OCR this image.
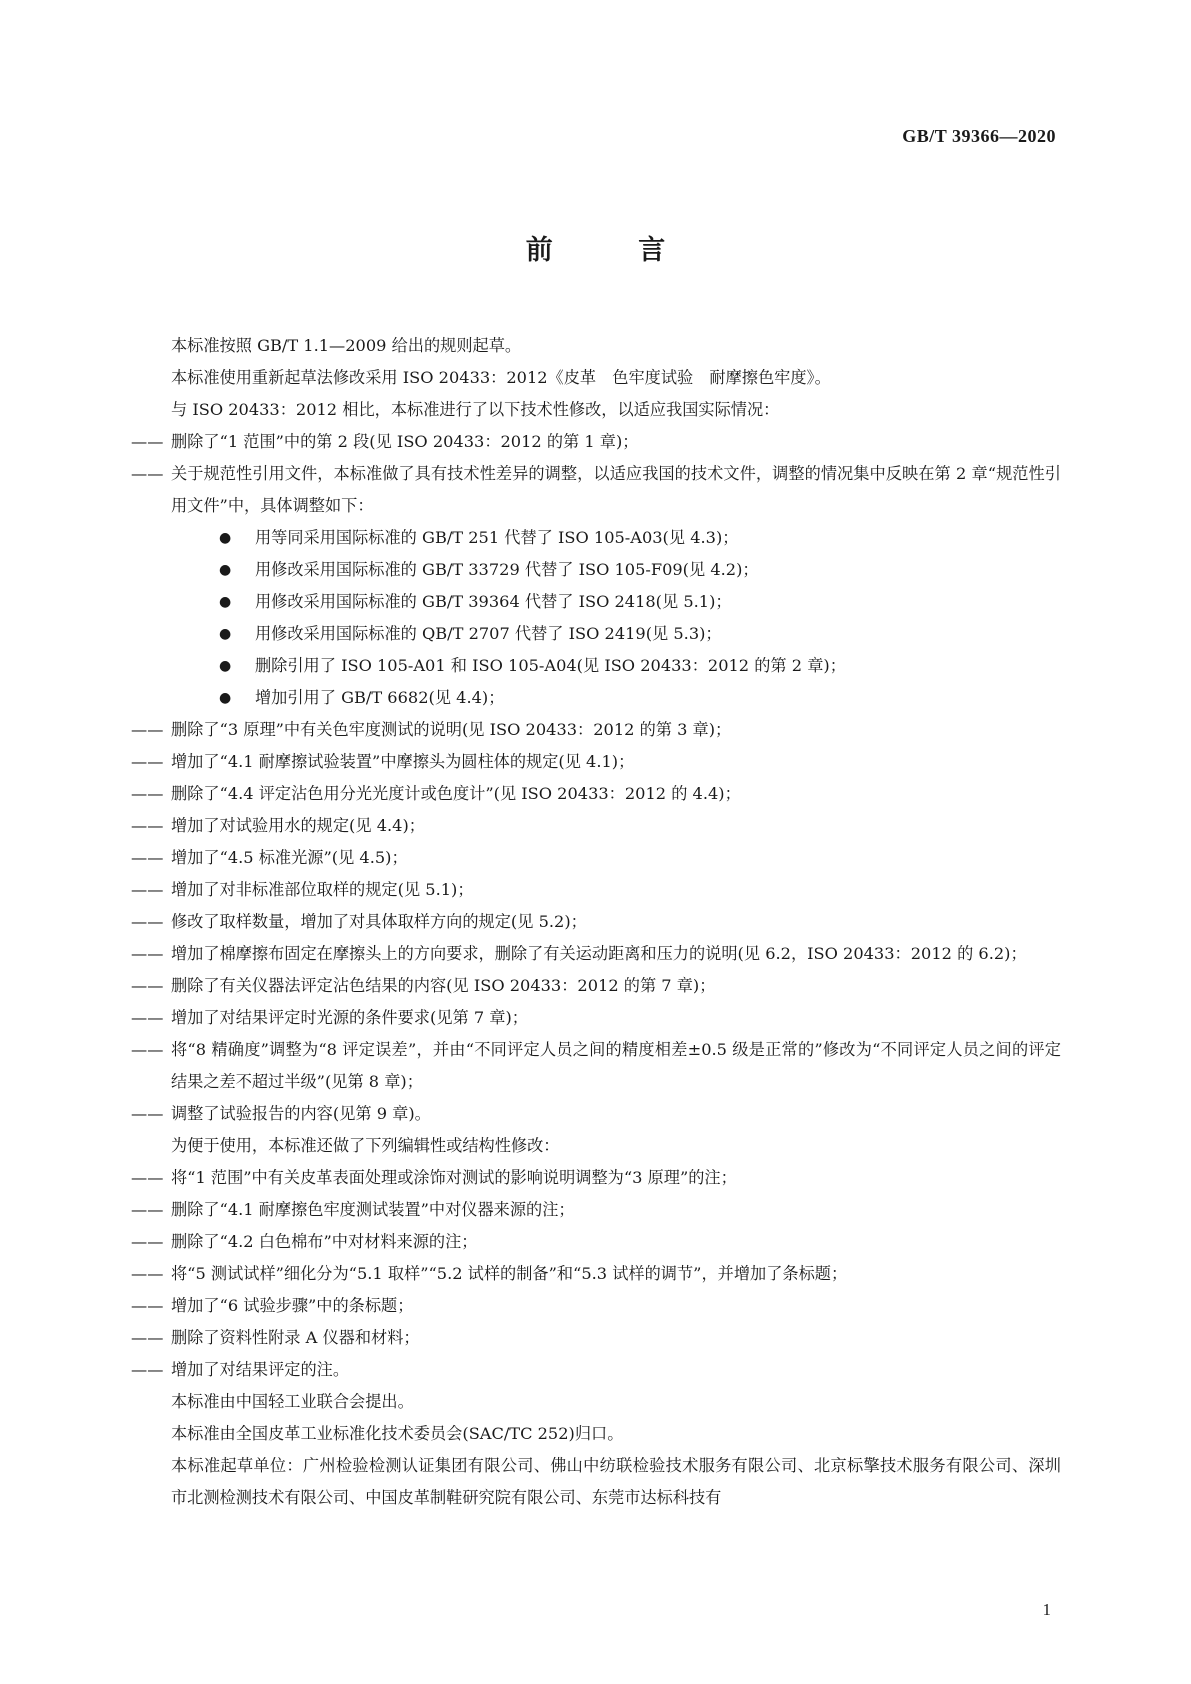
GB/T 39366—2020
前 言
本标准按照 GB/T 1.1—2009 给出的规则起草。
本标准使用重新起草法修改采用 ISO 20433：2012《皮革　色牢度试验　耐摩擦色牢度》。
与 ISO 20433：2012 相比，本标准进行了以下技术性修改，以适应我国实际情况：
—— 删除了“1 范围”中的第 2 段(见 ISO 20433：2012 的第 1 章)；
—— 关于规范性引用文件，本标准做了具有技术性差异的调整，以适应我国的技术文件，调整的情况集中反映在第 2 章“规范性引用文件”中，具体调整如下：
●	用等同采用国际标准的 GB/T 251 代替了 ISO 105-A03(见 4.3)；
●	用修改采用国际标准的 GB/T 33729 代替了 ISO 105-F09(见 4.2)；
●	用修改采用国际标准的 GB/T 39364 代替了 ISO 2418(见 5.1)；
●	用修改采用国际标准的 QB/T 2707 代替了 ISO 2419(见 5.3)；
●	删除引用了 ISO 105-A01 和 ISO 105-A04(见 ISO 20433：2012 的第 2 章)；
●	增加引用了 GB/T 6682(见 4.4)；
—— 删除了“3 原理”中有关色牢度测试的说明(见 ISO 20433：2012 的第 3 章)；
—— 增加了“4.1 耐摩擦试验装置”中摩擦头为圆柱体的规定(见 4.1)；
—— 删除了“4.4 评定沾色用分光光度计或色度计”(见 ISO 20433：2012 的 4.4)；
—— 增加了对试验用水的规定(见 4.4)；
—— 增加了“4.5 标准光源”(见 4.5)；
—— 增加了对非标准部位取样的规定(见 5.1)；
—— 修改了取样数量，增加了对具体取样方向的规定(见 5.2)；
—— 增加了棉摩擦布固定在摩擦头上的方向要求，删除了有关运动距离和压力的说明(见 6.2，ISO 20433：2012 的 6.2)；
—— 删除了有关仪器法评定沾色结果的内容(见 ISO 20433：2012 的第 7 章)；
—— 增加了对结果评定时光源的条件要求(见第 7 章)；
—— 将“8 精确度”调整为“8 评定误差”，并由“不同评定人员之间的精度相差±0.5 级是正常的”修改为“不同评定人员之间的评定结果之差不超过半级”(见第 8 章)；
—— 调整了试验报告的内容(见第 9 章)。
为便于使用，本标准还做了下列编辑性或结构性修改：
—— 将“1 范围”中有关皮革表面处理或涂饰对测试的影响说明调整为“3 原理”的注；
—— 删除了“4.1 耐摩擦色牢度测试装置”中对仪器来源的注；
—— 删除了“4.2 白色棉布”中对材料来源的注；
—— 将“5 测试试样”细化分为“5.1 取样”“5.2 试样的制备”和“5.3 试样的调节”，并增加了条标题；
—— 增加了“6 试验步骤”中的条标题；
—— 删除了资料性附录 A 仪器和材料；
—— 增加了对结果评定的注。
本标准由中国轻工业联合会提出。
本标准由全国皮革工业标准化技术委员会(SAC/TC 252)归口。
本标准起草单位：广州检验检测认证集团有限公司、佛山中纺联检验技术服务有限公司、北京标擎技术服务有限公司、深圳市北测检测技术有限公司、中国皮革制鞋研究院有限公司、东莞市达标科技有
1
